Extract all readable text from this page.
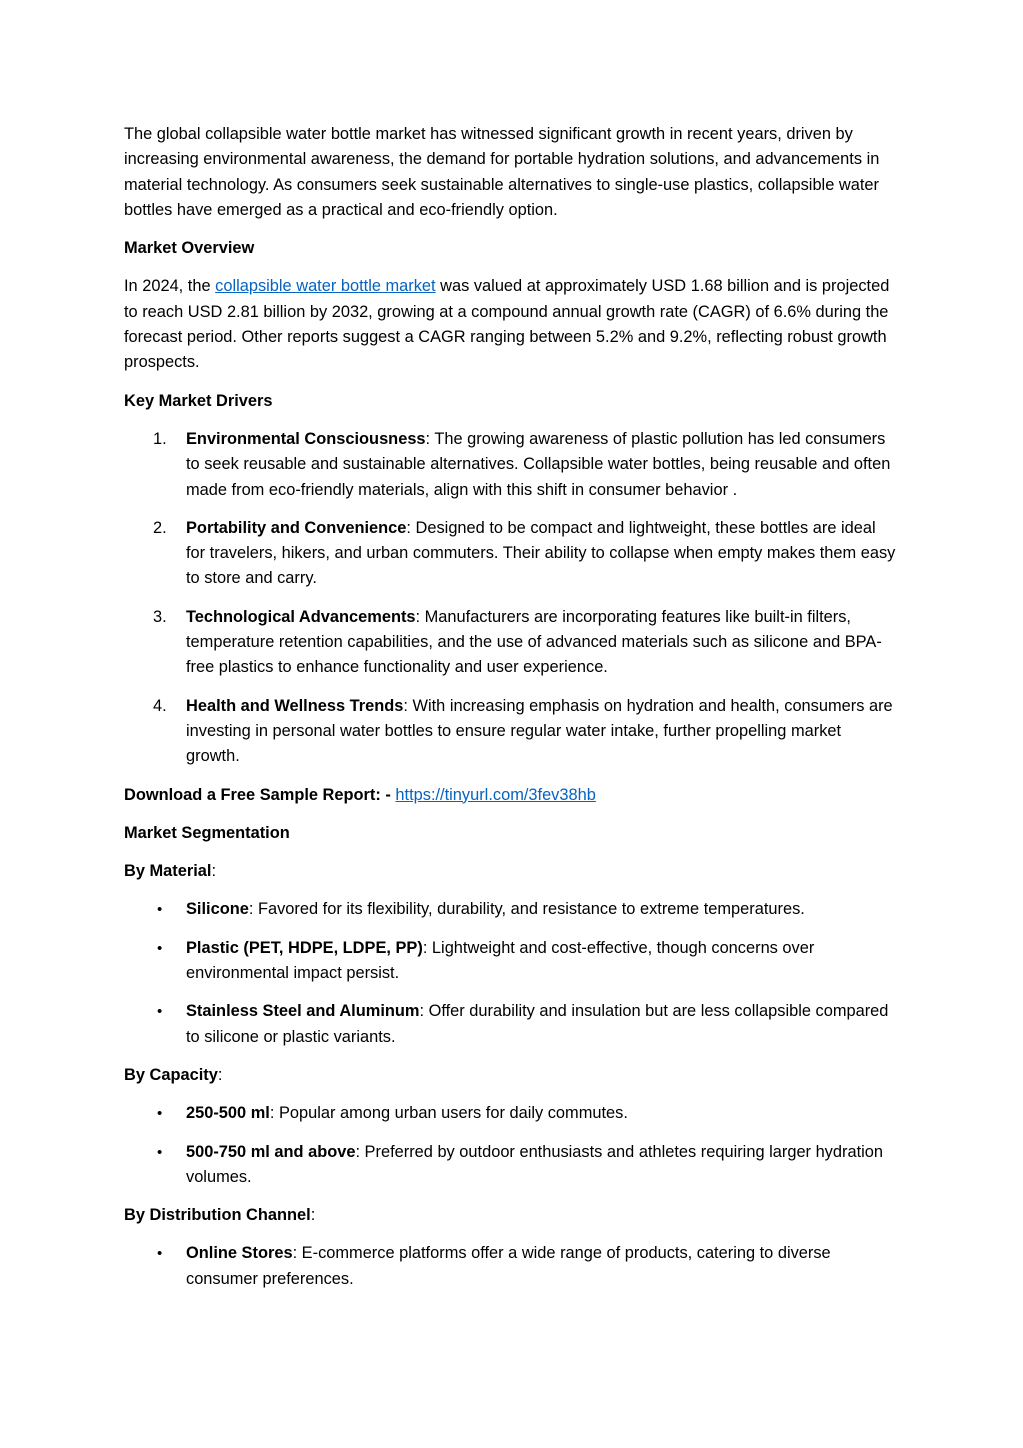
The global collapsible water bottle market has witnessed significant growth in recent years, driven by increasing environmental awareness, the demand for portable hydration solutions, and advancements in material technology. As consumers seek sustainable alternatives to single-use plastics, collapsible water bottles have emerged as a practical and eco-friendly option.

Market Overview

In 2024, the collapsible water bottle market was valued at approximately USD 1.68 billion and is projected to reach USD 2.81 billion by 2032, growing at a compound annual growth rate (CAGR) of 6.6% during the forecast period. Other reports suggest a CAGR ranging between 5.2% and 9.2%, reflecting robust growth prospects.

Key Market Drivers
1. Environmental Consciousness: The growing awareness of plastic pollution has led consumers to seek reusable and sustainable alternatives. Collapsible water bottles, being reusable and often made from eco-friendly materials, align with this shift in consumer behavior .
2. Portability and Convenience: Designed to be compact and lightweight, these bottles are ideal for travelers, hikers, and urban commuters. Their ability to collapse when empty makes them easy to store and carry.
3. Technological Advancements: Manufacturers are incorporating features like built-in filters, temperature retention capabilities, and the use of advanced materials such as silicone and BPA-free plastics to enhance functionality and user experience.
4. Health and Wellness Trends: With increasing emphasis on hydration and health, consumers are investing in personal water bottles to ensure regular water intake, further propelling market growth.

Download a Free Sample Report: - https://tinyurl.com/3fev38hb

Market Segmentation

By Material:

• Silicone: Favored for its flexibility, durability, and resistance to extreme temperatures.
• Plastic (PET, HDPE, LDPE, PP): Lightweight and cost-effective, though concerns over environmental impact persist.
• Stainless Steel and Aluminum: Offer durability and insulation but are less collapsible compared to silicone or plastic variants.

By Capacity:

• 250-500 ml: Popular among urban users for daily commutes.
• 500-750 ml and above: Preferred by outdoor enthusiasts and athletes requiring larger hydration volumes.

By Distribution Channel:

• Online Stores: E-commerce platforms offer a wide range of products, catering to diverse consumer preferences.
